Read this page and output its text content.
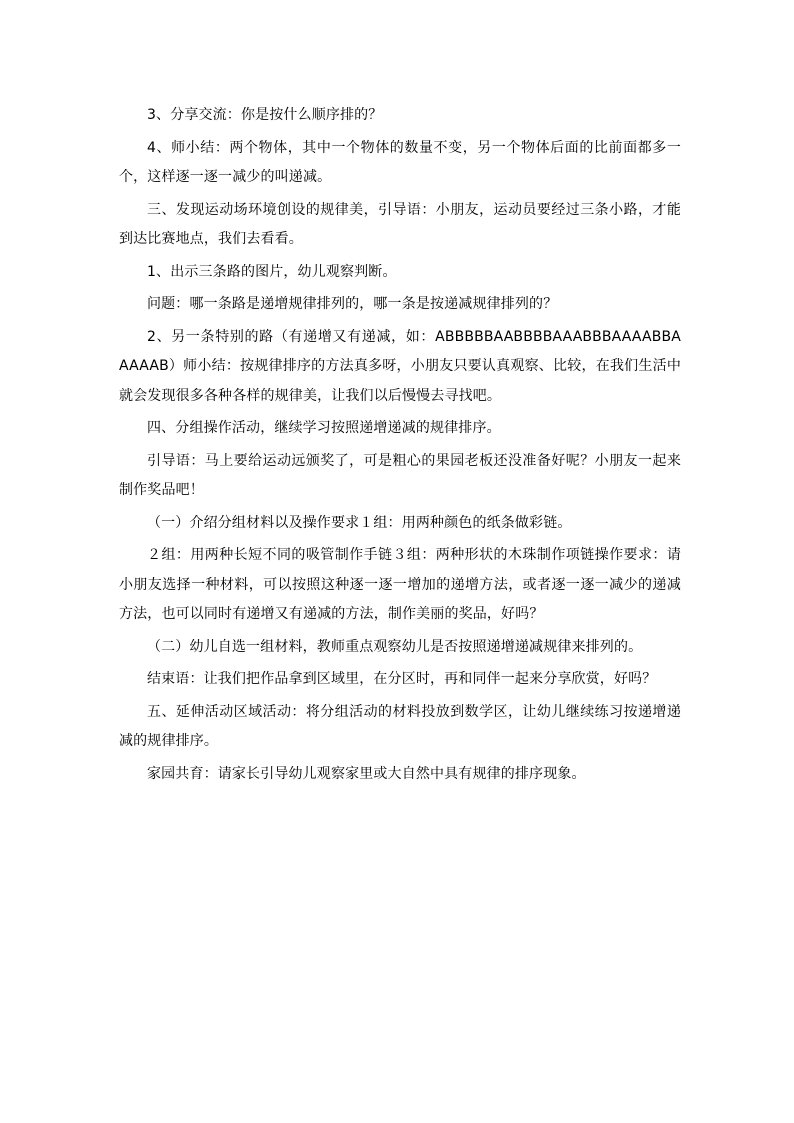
3、分享交流：你是按什么顺序排的？

4、师小结：两个物体，其中一个物体的数量不变，另一个物体后面的比前面都多一个，这样逐一逐一减少的叫递减。

三、发现运动场环境创设的规律美，引导语：小朋友，运动员要经过三条小路，才能到达比赛地点，我们去看看。

1、出示三条路的图片，幼儿观察判断。

问题：哪一条路是递增规律排列的，哪一条是按递减规律排列的？

2、另一条特别的路（有递增又有递减，如：ABBBBBAABBBBAAABBBAAAABBAAAAAB）师小结：按规律排序的方法真多呀，小朋友只要认真观察、比较，在我们生活中就会发现很多各种各样的规律美，让我们以后慢慢去寻找吧。

四、分组操作活动，继续学习按照递增递减的规律排序。

引导语：马上要给运动远颁奖了，可是粗心的果园老板还没准备好呢？小朋友一起来制作奖品吧！

（一）介绍分组材料以及操作要求１组：用两种颜色的纸条做彩链。

２组：用两种长短不同的吸管制作手链３组：两种形状的木珠制作项链操作要求：请小朋友选择一种材料，可以按照这种逐一逐一增加的递增方法，或者逐一逐一减少的递减方法，也可以同时有递增又有递减的方法，制作美丽的奖品，好吗？

（二）幼儿自选一组材料，教师重点观察幼儿是否按照递增递减规律来排列的。

结束语：让我们把作品拿到区域里，在分区时，再和同伴一起来分享欣赏，好吗？

五、延伸活动区域活动：将分组活动的材料投放到数学区，让幼儿继续练习按递增递减的规律排序。

家园共育：请家长引导幼儿观察家里或大自然中具有规律的排序现象。
